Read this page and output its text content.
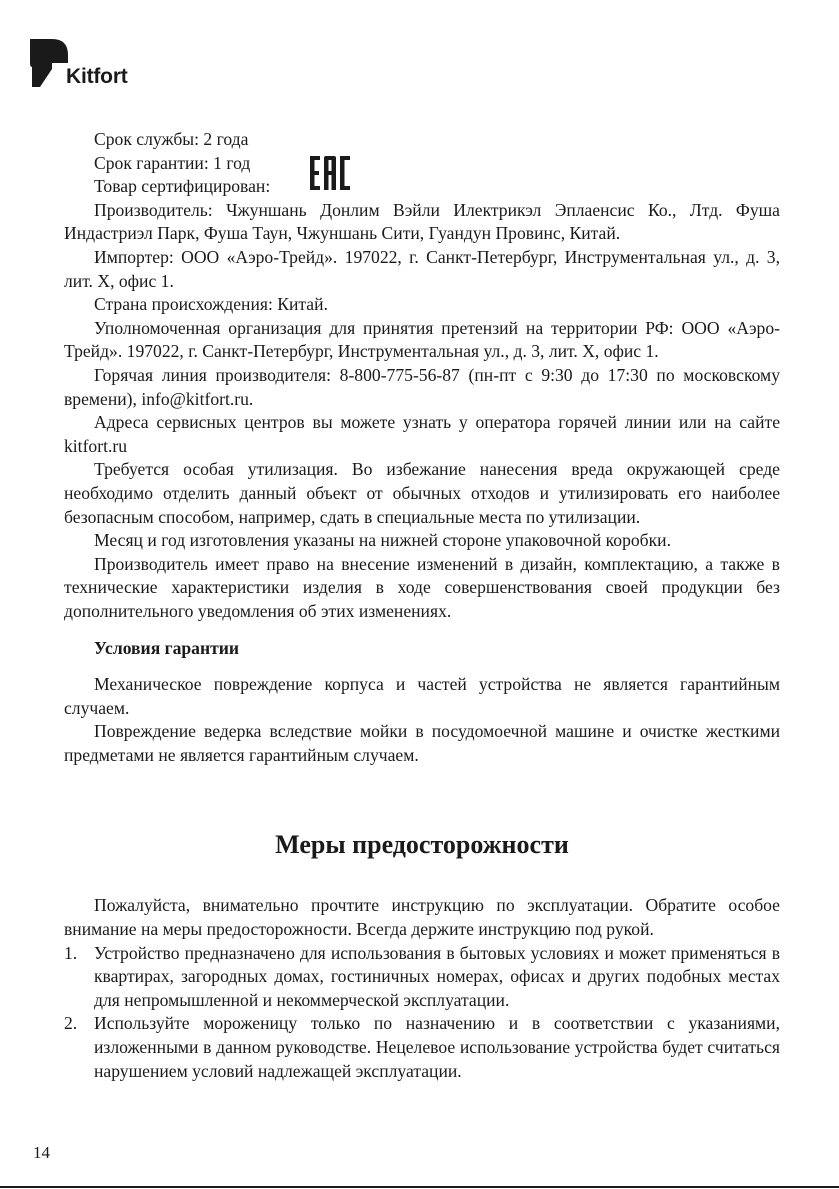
Kitfort

Срок службы: 2 года

Срок гарантии: 1 год

Товар сертифицирован:

Производитель: Чжуншань Донлим Вэйли Илектрикэл Эплаенсис Ко., Лтд. Фуша Индастриэл Парк, Фуша Таун, Чжуншань Сити, Гуандун Провинс, Китай.

Импортер: ООО «Аэро-Трейд». 197022, г. Санкт-Петербург, Инструментальная ул., д. 3, лит. Х, офис 1.

Страна происхождения: Китай.

Уполномоченная организация для принятия претензий на территории РФ: ООО «Аэро-Трейд». 197022, г. Санкт-Петербург, Инструментальная ул., д. 3, лит. Х, офис 1.

Горячая линия производителя: 8-800-775-56-87 (пн-пт с 9:30 до 17:30 по московскому времени), info@kitfort.ru.

Адреса сервисных центров вы можете узнать у оператора горячей линии или на сайте kitfort.ru

Требуется особая утилизация. Во избежание нанесения вреда окружающей среде необходимо отделить данный объект от обычных отходов и утилизировать его наиболее безопасным способом, например, сдать в специальные места по утилизации.

Месяц и год изготовления указаны на нижней стороне упаковочной коробки.

Производитель имеет право на внесение изменений в дизайн, комплектацию, а также в технические характеристики изделия в ходе совершенствования своей продукции без дополнительного уведомления об этих изменениях.

Условия гарантии

Механическое повреждение корпуса и частей устройства не является гарантийным случаем.

Повреждение ведерка вследствие мойки в посудомоечной машине и очистке жесткими предметами не является гарантийным случаем.

Меры предосторожности

Пожалуйста, внимательно прочтите инструкцию по эксплуатации. Обратите особое внимание на меры предосторожности. Всегда держите инструкцию под рукой.

1. Устройство предназначено для использования в бытовых условиях и может применяться в квартирах, загородных домах, гостиничных номерах, офисах и других подобных местах для непромышленной и некоммерческой эксплуатации.
2. Используйте мороженицу только по назначению и в соответствии с указаниями, изложенными в данном руководстве. Нецелевое использование устройства будет считаться нарушением условий надлежащей эксплуатации.
14
